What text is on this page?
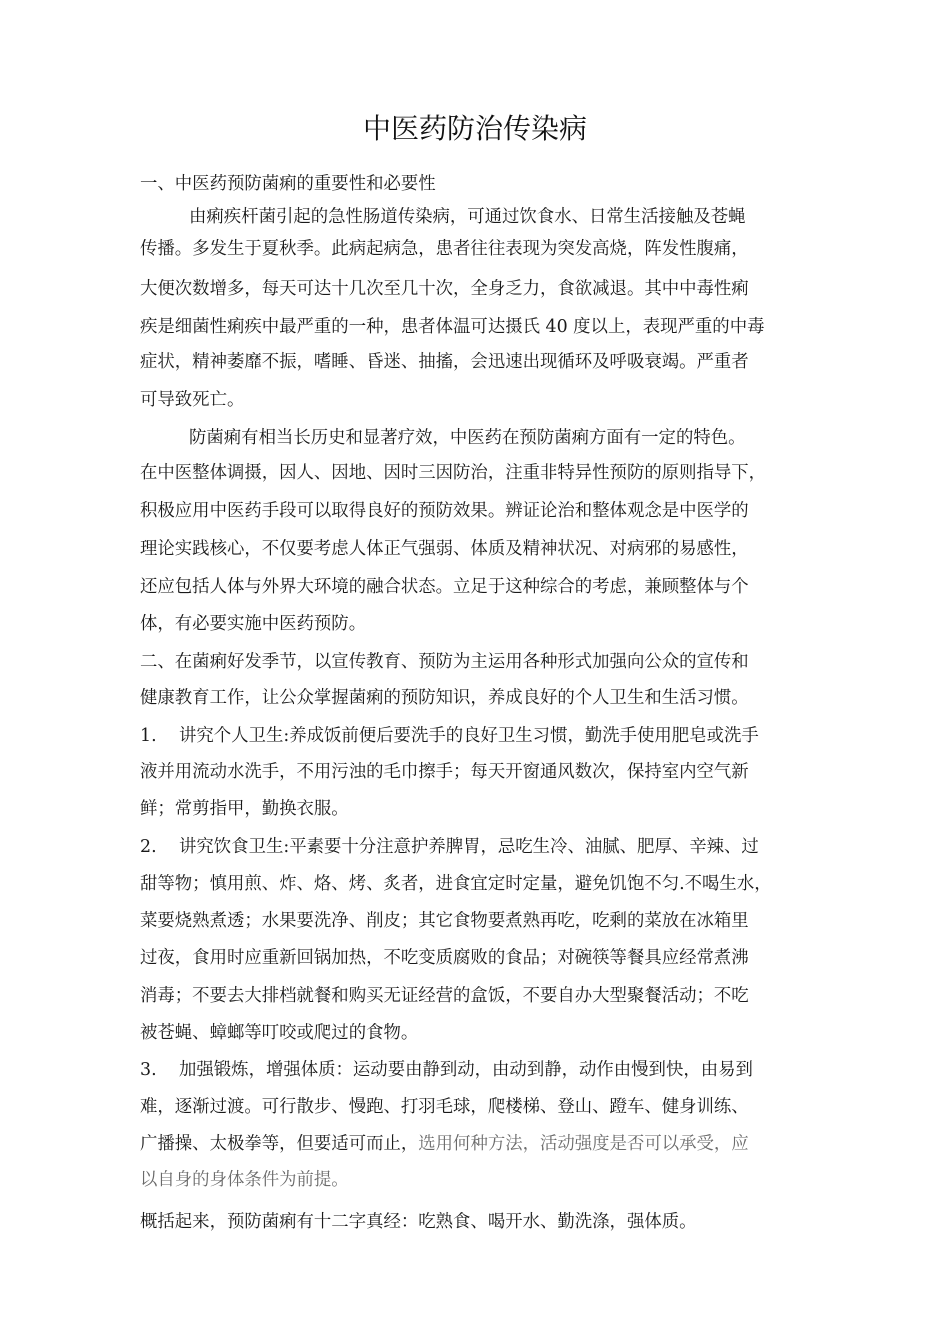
中医药防治传染病
一、中医药预防菌痢的重要性和必要性
由痢疾杆菌引起的急性肠道传染病，可通过饮食水、日常生活接触及苍蝇
传播。多发生于夏秋季。此病起病急，患者往往表现为突发高烧，阵发性腹痛，
大便次数增多，每天可达十几次至几十次，全身乏力，食欲减退。其中中毒性痢
疾是细菌性痢疾中最严重的一种，患者体温可达摄氏 40 度以上，表现严重的中毒
症状，精神萎靡不振，嗜睡、昏迷、抽搐，会迅速出现循环及呼吸衰竭。严重者
可导致死亡。
防菌痢有相当长历史和显著疗效，中医药在预防菌痢方面有一定的特色。
在中医整体调摄，因人、因地、因时三因防治，注重非特异性预防的原则指导下，
积极应用中医药手段可以取得良好的预防效果。辨证论治和整体观念是中医学的
理论实践核心，不仅要考虑人体正气强弱、体质及精神状况、对病邪的易感性，
还应包括人体与外界大环境的融合状态。立足于这种综合的考虑，兼顾整体与个
体，有必要实施中医药预防。
二、在菌痢好发季节，以宣传教育、预防为主运用各种形式加强向公众的宣传和
健康教育工作，让公众掌握菌痢的预防知识，养成良好的个人卫生和生活习惯。
1. 讲究个人卫生:养成饭前便后要洗手的良好卫生习惯，勤洗手使用肥皂或洗手
液并用流动水洗手，不用污浊的毛巾擦手；每天开窗通风数次，保持室内空气新
鲜；常剪指甲，勤换衣服。
2. 讲究饮食卫生:平素要十分注意护养脾胃，忌吃生冷、油腻、肥厚、辛辣、过
甜等物；慎用煎、炸、烙、烤、炙者，进食宜定时定量，避免饥饱不匀.不喝生水，
菜要烧熟煮透；水果要洗净、削皮；其它食物要煮熟再吃，吃剩的菜放在冰箱里
过夜，食用时应重新回锅加热，不吃变质腐败的食品；对碗筷等餐具应经常煮沸
消毒；不要去大排档就餐和购买无证经营的盒饭，不要自办大型聚餐活动；不吃
被苍蝇、蟑螂等叮咬或爬过的食物。
3. 加强锻炼，增强体质：运动要由静到动，由动到静，动作由慢到快，由易到
难，逐渐过渡。可行散步、慢跑、打羽毛球，爬楼梯、登山、蹬车、健身训练、
广播操、太极拳等，但要适可而止，选用何种方法，活动强度是否可以承受，应
以自身的身体条件为前提。
概括起来，预防菌痢有十二字真经：吃熟食、喝开水、勤洗涤，强体质。
